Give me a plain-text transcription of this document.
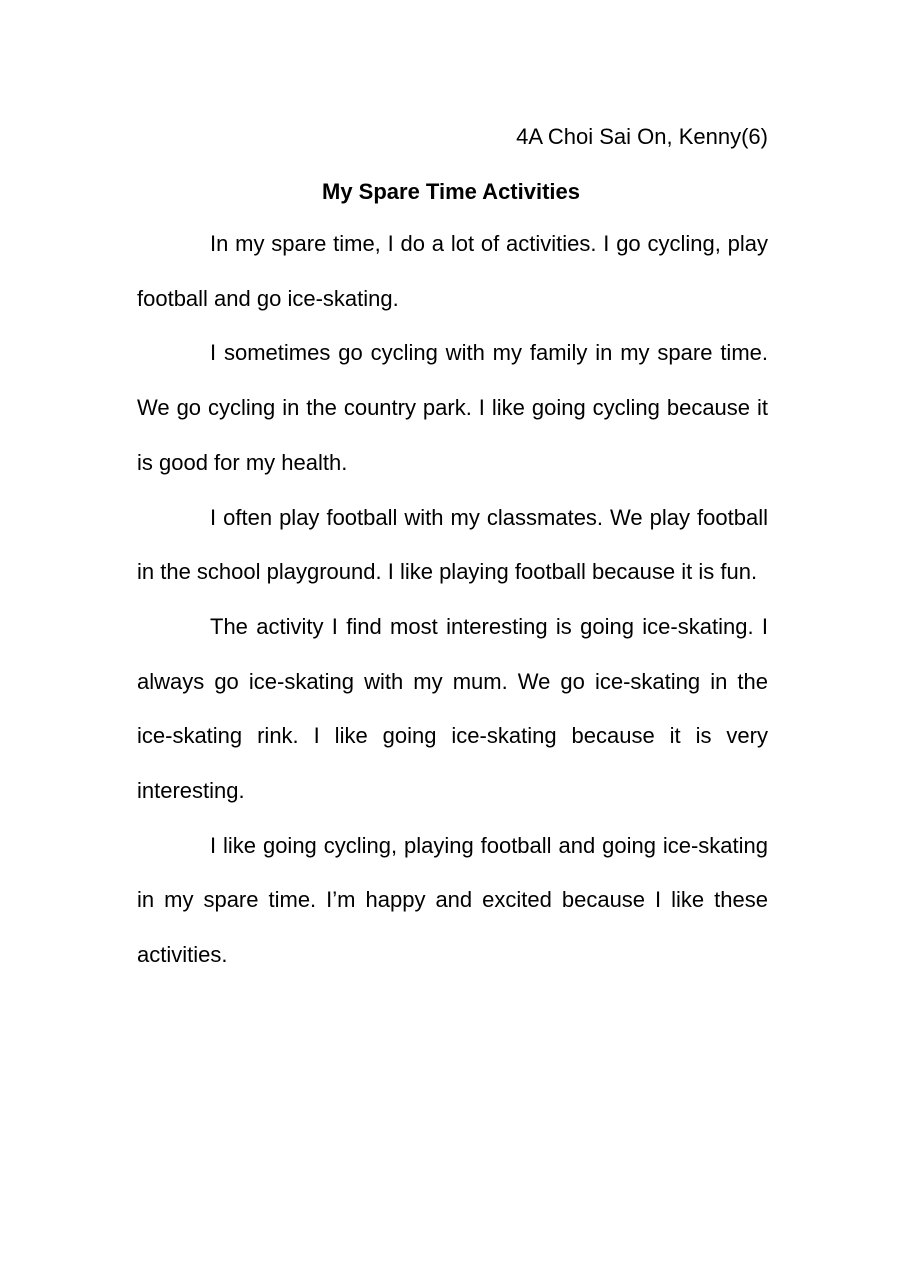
4A Choi Sai On, Kenny(6)

My Spare Time Activities

In my spare time, I do a lot of activities. I go cycling, play football and go ice-skating.

I sometimes go cycling with my family in my spare time. We go cycling in the country park. I like going cycling because it is good for my health.

I often play football with my classmates. We play football in the school playground. I like playing football because it is fun.

The activity I find most interesting is going ice-skating. I always go ice-skating with my mum. We go ice-skating in the ice-skating rink. I like going ice-skating because it is very interesting.

I like going cycling, playing football and going ice-skating in my spare time. I’m happy and excited because I like these activities.
